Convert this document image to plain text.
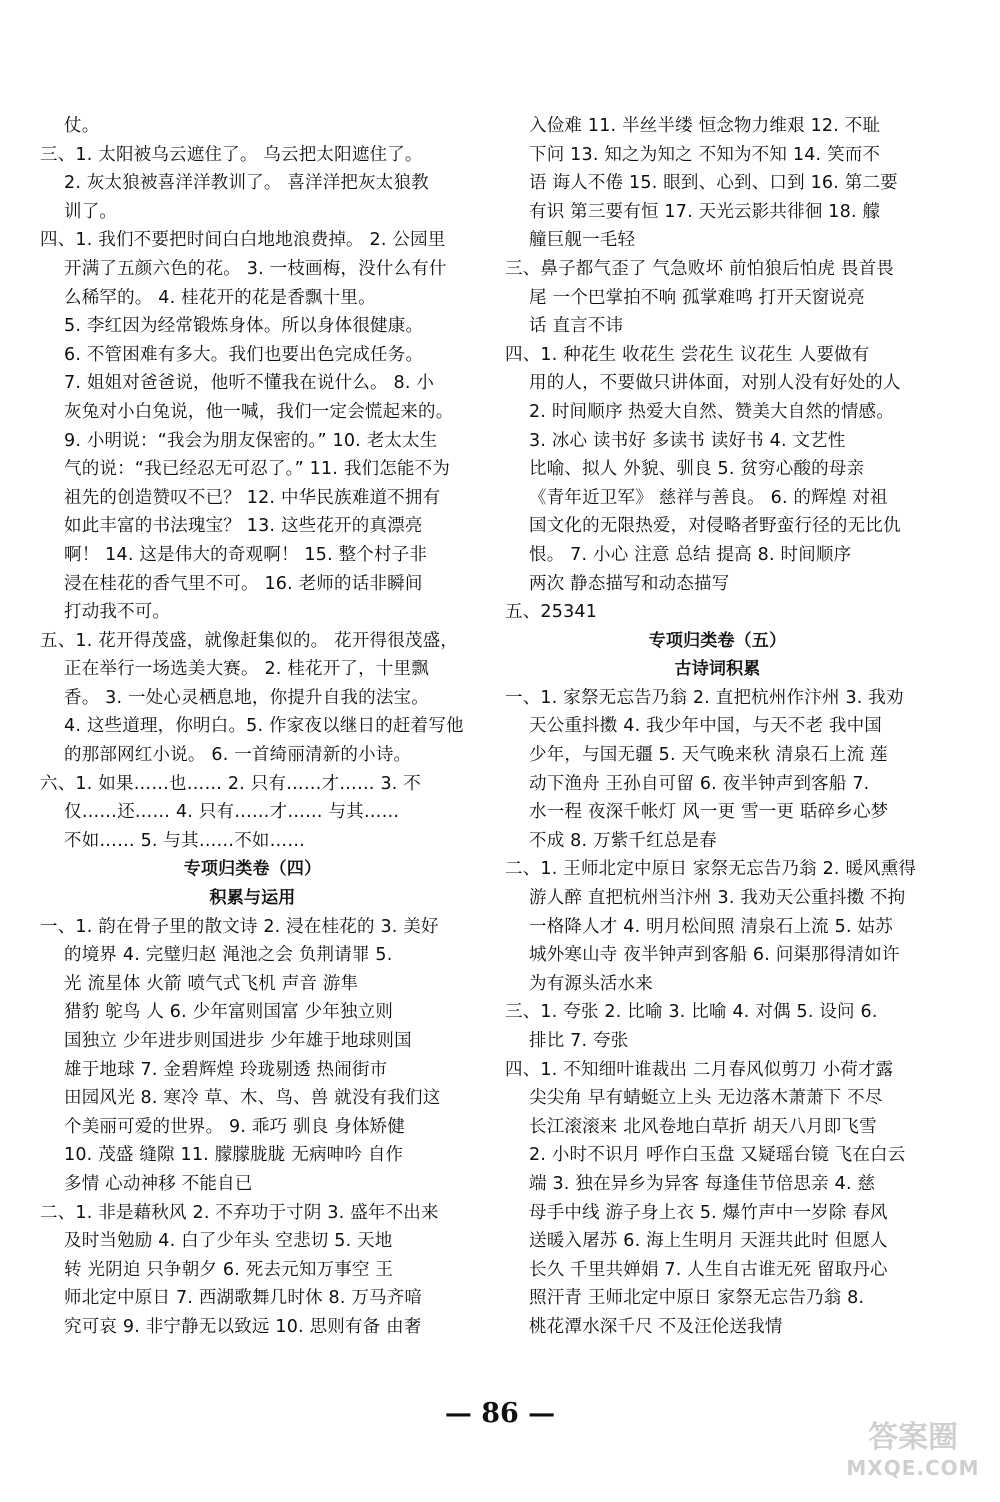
仗。
三、1. 太阳被乌云遮住了。 乌云把太阳遮住了。
2. 灰太狼被喜洋洋教训了。 喜洋洋把灰太狼教
训了。
四、1. 我们不要把时间白白地地浪费掉。 2. 公园里
开满了五颜六色的花。 3. 一枝画梅，没什么有什
么稀罕的。 4. 桂花开的花是香飘十里。
5. 李红因为经常锻炼身体。所以身体很健康。
6. 不管困难有多大。我们也要出色完成任务。
7. 姐姐对爸爸说，他听不懂我在说什么。 8. 小
灰兔对小白兔说，他一喊，我们一定会慌起来的。
9. 小明说：“我会为朋友保密的。” 10. 老太太生
气的说：“我已经忍无可忍了。” 11. 我们怎能不为
祖先的创造赞叹不已？ 12. 中华民族难道不拥有
如此丰富的书法瑰宝？ 13. 这些花开的真漂亮
啊！ 14. 这是伟大的奇观啊！ 15. 整个村子非
浸在桂花的香气里不可。 16. 老师的话非瞬间
打动我不可。
五、1. 花开得茂盛，就像赶集似的。 花开得很茂盛，
正在举行一场选美大赛。 2. 桂花开了，十里飘
香。 3. 一处心灵栖息地，你提升自我的法宝。
4. 这些道理，你明白。5. 作家夜以继日的赶着写他
的那部网红小说。 6. 一首绮丽清新的小诗。
六、1. 如果……也…… 2. 只有……才…… 3. 不
仅……还…… 4. 只有……才…… 与其……
不如…… 5. 与其……不如……
专项归类卷（四）
积累与运用
一、1. 韵在骨子里的散文诗 2. 浸在桂花的 3. 美好
的境界 4. 完璧归赵 渑池之会 负荆请罪 5.
光 流星体 火箭 喷气式飞机 声音 游隼
猎豹 鸵鸟 人 6. 少年富则国富 少年独立则
国独立 少年进步则国进步 少年雄于地球则国
雄于地球 7. 金碧辉煌 玲珑剔透 热闹街市
田园风光 8. 寒冷 草、木、鸟、兽 就没有我们这
个美丽可爱的世界。 9. 乖巧 驯良 身体矫健
10. 茂盛 缝隙 11. 朦朦胧胧 无病呻吟 自作
多情 心动神移 不能自已
二、1. 非是藉秋风 2. 不弃功于寸阴 3. 盛年不出来
及时当勉励 4. 白了少年头 空悲切 5. 天地
转 光阴迫 只争朝夕 6. 死去元知万事空 王
师北定中原日 7. 西湖歌舞几时休 8. 万马齐喑
究可哀 9. 非宁静无以致远 10. 思则有备 由奢
入俭难 11. 半丝半缕 恒念物力维艰 12. 不耻
下问 13. 知之为知之 不知为不知 14. 笑而不
语 诲人不倦 15. 眼到、心到、口到 16. 第二要
有识 第三要有恒 17. 天光云影共徘徊 18. 艨
艟巨舰一毛轻
三、鼻子都气歪了 气急败坏 前怕狼后怕虎 畏首畏
尾 一个巴掌拍不响 孤掌难鸣 打开天窗说亮
话 直言不讳
四、1. 种花生 收花生 尝花生 议花生 人要做有
用的人，不要做只讲体面，对别人没有好处的人
2. 时间顺序 热爱大自然、赞美大自然的情感。
3. 冰心 读书好 多读书 读好书 4. 文艺性
比喻、拟人 外貌、驯良 5. 贫穷心酸的母亲
《青年近卫军》 慈祥与善良。 6. 的辉煌 对祖
国文化的无限热爱，对侵略者野蛮行径的无比仇
恨。 7. 小心 注意 总结 提高 8. 时间顺序
两次 静态描写和动态描写
五、25341
专项归类卷（五）
古诗词积累
一、1. 家祭无忘告乃翁 2. 直把杭州作汴州 3. 我劝
天公重抖擞 4. 我少年中国，与天不老 我中国
少年，与国无疆 5. 天气晚来秋 清泉石上流 莲
动下渔舟 王孙自可留 6. 夜半钟声到客船 7.
水一程 夜深千帐灯 风一更 雪一更 聒碎乡心梦
不成 8. 万紫千红总是春
二、1. 王师北定中原日 家祭无忘告乃翁 2. 暖风熏得
游人醉 直把杭州当汴州 3. 我劝天公重抖擞 不拘
一格降人才 4. 明月松间照 清泉石上流 5. 姑苏
城外寒山寺 夜半钟声到客船 6. 问渠那得清如许
为有源头活水来
三、1. 夸张 2. 比喻 3. 比喻 4. 对偶 5. 设问 6.
排比 7. 夸张
四、1. 不知细叶谁裁出 二月春风似剪刀 小荷才露
尖尖角 早有蜻蜓立上头 无边落木萧萧下 不尽
长江滚滚来 北风卷地白草折 胡天八月即飞雪
2. 小时不识月 呼作白玉盘 又疑瑶台镜 飞在白云
端 3. 独在异乡为异客 每逢佳节倍思亲 4. 慈
母手中线 游子身上衣 5. 爆竹声中一岁除 春风
送暖入屠苏 6. 海上生明月 天涯共此时 但愿人
长久 千里共婵娟 7. 人生自古谁无死 留取丹心
照汗青 王师北定中原日 家祭无忘告乃翁 8.
桃花潭水深千尺 不及汪伦送我情
— 86 —
答案圈
MXQE.COM
